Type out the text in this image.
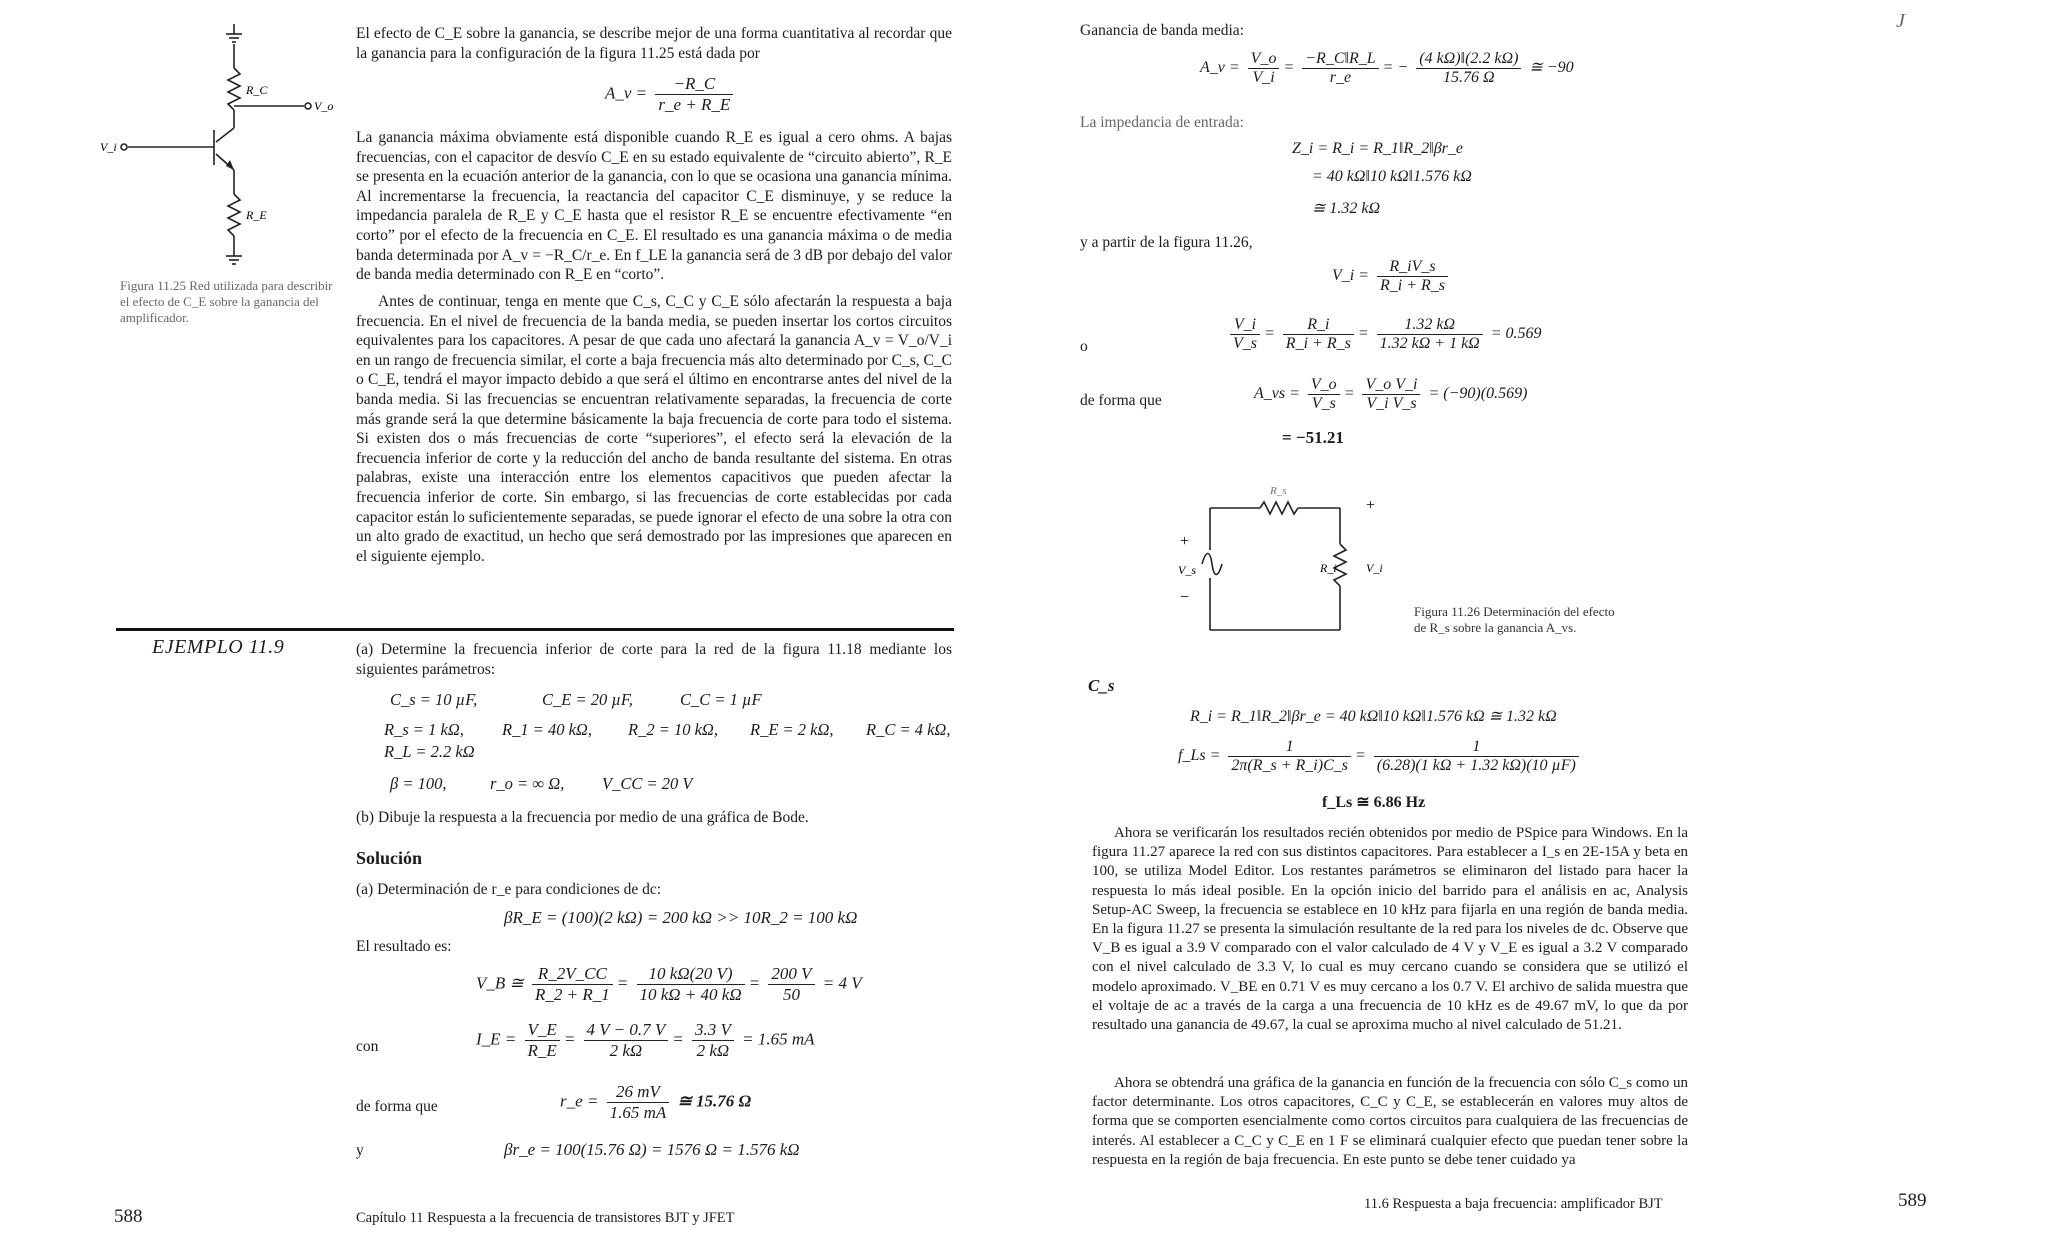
R_C
V_o
V_i
R_E
Figura 11.25 Red utilizada para describir el efecto de C_E sobre la ganancia del amplificador.
El efecto de C_E sobre la ganancia, se describe mejor de una forma cuantitativa al recordar que la ganancia para la configuración de la figura 11.25 está dada por
A_v = $\frac{-R\_C}{r\_e + R\_E}$
La ganancia máxima obviamente está disponible cuando R_E es igual a cero ohms. A bajas frecuencias, con el capacitor de desvío C_E en su estado equivalente de “circuito abierto”, R_E se presenta en la ecuación anterior de la ganancia, con lo que se ocasiona una ganancia mínima. Al incrementarse la frecuencia, la reactancia del capacitor C_E disminuye, y se reduce la impedancia paralela de R_E y C_E hasta que el resistor R_E se encuentre efectivamente “en corto” por el efecto de la frecuencia en C_E. El resultado es una ganancia máxima o de media banda determinada por A_v = −R_C/r_e. En f_LE la ganancia será de 3 dB por debajo del valor de banda media determinado con R_E en “corto”.
Antes de continuar, tenga en mente que C_s, C_C y C_E sólo afectarán la respuesta a baja frecuencia. En el nivel de frecuencia de la banda media, se pueden insertar los cortos circuitos equivalentes para los capacitores. A pesar de que cada uno afectará la ganancia A_v = V_o/V_i en un rango de frecuencia similar, el corte a baja frecuencia más alto determinado por C_s, C_C o C_E, tendrá el mayor impacto debido a que será el último en encontrarse antes del nivel de la banda media. Si las frecuencias se encuentran relativamente separadas, la frecuencia de corte más grande será la que determine básicamente la baja frecuencia de corte para todo el sistema. Si existen dos o más frecuencias de corte “superiores”, el efecto será la elevación de la frecuencia inferior de corte y la reducción del ancho de banda resultante del sistema. En otras palabras, existe una interacción entre los elementos capacitivos que pueden afectar la frecuencia inferior de corte. Sin embargo, si las frecuencias de corte establecidas por cada capacitor están lo suficientemente separadas, se puede ignorar el efecto de una sobre la otra con un alto grado de exactitud, un hecho que será demostrado por las impresiones que aparecen en el siguiente ejemplo.
EJEMPLO 11.9	(a) Determine la frecuencia inferior de corte para la red de la figura 11.18 mediante los siguientes parámetros:
C_s = 10 µF,	C_E = 20 µF,	C_C = 1 µF
R_s = 1 kΩ, R_1 = 40 kΩ, R_2 = 10 kΩ, R_E = 2 kΩ, R_C = 4 kΩ,
R_L = 2.2 kΩ
β = 100,	r_o = ∞ Ω, V_CC = 20 V
(b) Dibuje la respuesta a la frecuencia por medio de una gráfica de Bode.
Solución
(a) Determinación de r_e para condiciones de dc:
βR_E = (100)(2 kΩ) = 200 kΩ >> 10R_2 = 100 kΩ
El resultado es:
V_B ≅ $\frac{R\_2V\_CC}{R\_2 + R\_1} = \frac{10 k\Omega(20 V)}{10 k\Omega + 40 k\Omega} = \frac{200 V}{50} = 4$ V
con	I_E = $\frac{V\_E}{R\_E} = \frac{4 V - 0.7 V}{2 k\Omega} = \frac{3.3 V}{2 k\Omega} = 1.65$ mA
de forma que	r_e = $\frac{26 mV}{1.65 mA}$ ≅ 15.76 Ω
y	βr_e = 100(15.76 Ω) = 1576 Ω = 1.576 kΩ
588	Capítulo 11 Respuesta a la frecuencia de transistores BJT y JFET
J
Ganancia de banda media:
A_v = $\frac{V\_o}{V\_i} = \frac{-R\_C‖R\_L}{r\_e}$ = − $\frac{(4 k\Omega)‖(2.2 k\Omega)}{15.76 \Omega}$ ≅ −90
La impedancia de entrada:
Z_i = R_i = R_1‖R_2‖βr_e
= 40 kΩ‖10 kΩ‖1.576 kΩ
≅ 1.32 kΩ
y a partir de la figura 11.26,
V_i = $\frac{R\_iV\_s}{R\_i + R\_s}$
o	$\frac{V\_i}{V\_s} = \frac{R\_i}{R\_i + R\_s} = \frac{1.32 k\Omega}{1.32 k\Omega + 1 k\Omega} = 0.569$
de forma que	A_vs = $\frac{V\_o}{V\_s} = \frac{\text{V\_o V\_i}}{\text{V\_i V\_s}} = (-90)(0.569)$
= −51.21
R_s
+
V_s
−
R_i
+
V_i
Figura 11.26 Determinación del efecto de R_s sobre la ganancia A_vs.
C_s
R_i = R_1‖R_2‖βr_e = 40 kΩ‖10 kΩ‖1.576 kΩ ≅ 1.32 kΩ
f_Ls = $\frac{1}{2\pi(R\_s + R\_i)C\_s} = \frac{1}{\text{(6.28)(1 kΩ + 1.32 kΩ)(10 µF)}}$
f_Ls ≅ 6.86 Hz
Ahora se verificarán los resultados recién obtenidos por medio de PSpice para Windows. En la figura 11.27 aparece la red con sus distintos capacitores. Para establecer a I_s en 2E-15A y beta en 100, se utiliza Model Editor. Los restantes parámetros se eliminaron del listado para hacer la respuesta lo más ideal posible. En la opción inicio del barrido para el análisis en ac, Analysis Setup-AC Sweep, la frecuencia se establece en 10 kHz para fijarla en una región de banda media. En la figura 11.27 se presenta la simulación resultante de la red para los niveles de dc. Observe que V_B es igual a 3.9 V comparado con el valor calculado de 4 V y V_E es igual a 3.2 V comparado con el nivel calculado de 3.3 V, lo cual es muy cercano cuando se considera que se utilizó el modelo aproximado. V_BE en 0.71 V es muy cercano a los 0.7 V. El archivo de salida muestra que el voltaje de ac a través de la carga a una frecuencia de 10 kHz es de 49.67 mV, lo que da por resultado una ganancia de 49.67, la cual se aproxima mucho al nivel calculado de 51.21.
Ahora se obtendrá una gráfica de la ganancia en función de la frecuencia con sólo C_s como un factor determinante. Los otros capacitores, C_C y C_E, se establecerán en valores muy altos de forma que se comporten esencialmente como cortos circuitos para cualquiera de las frecuencias de interés. Al establecer a C_C y C_E en 1 F se eliminará cualquier efecto que puedan tener sobre la respuesta en la región de baja frecuencia. En este punto se debe tener cuidado ya
11.6 Respuesta a baja frecuencia: amplificador BJT	589
